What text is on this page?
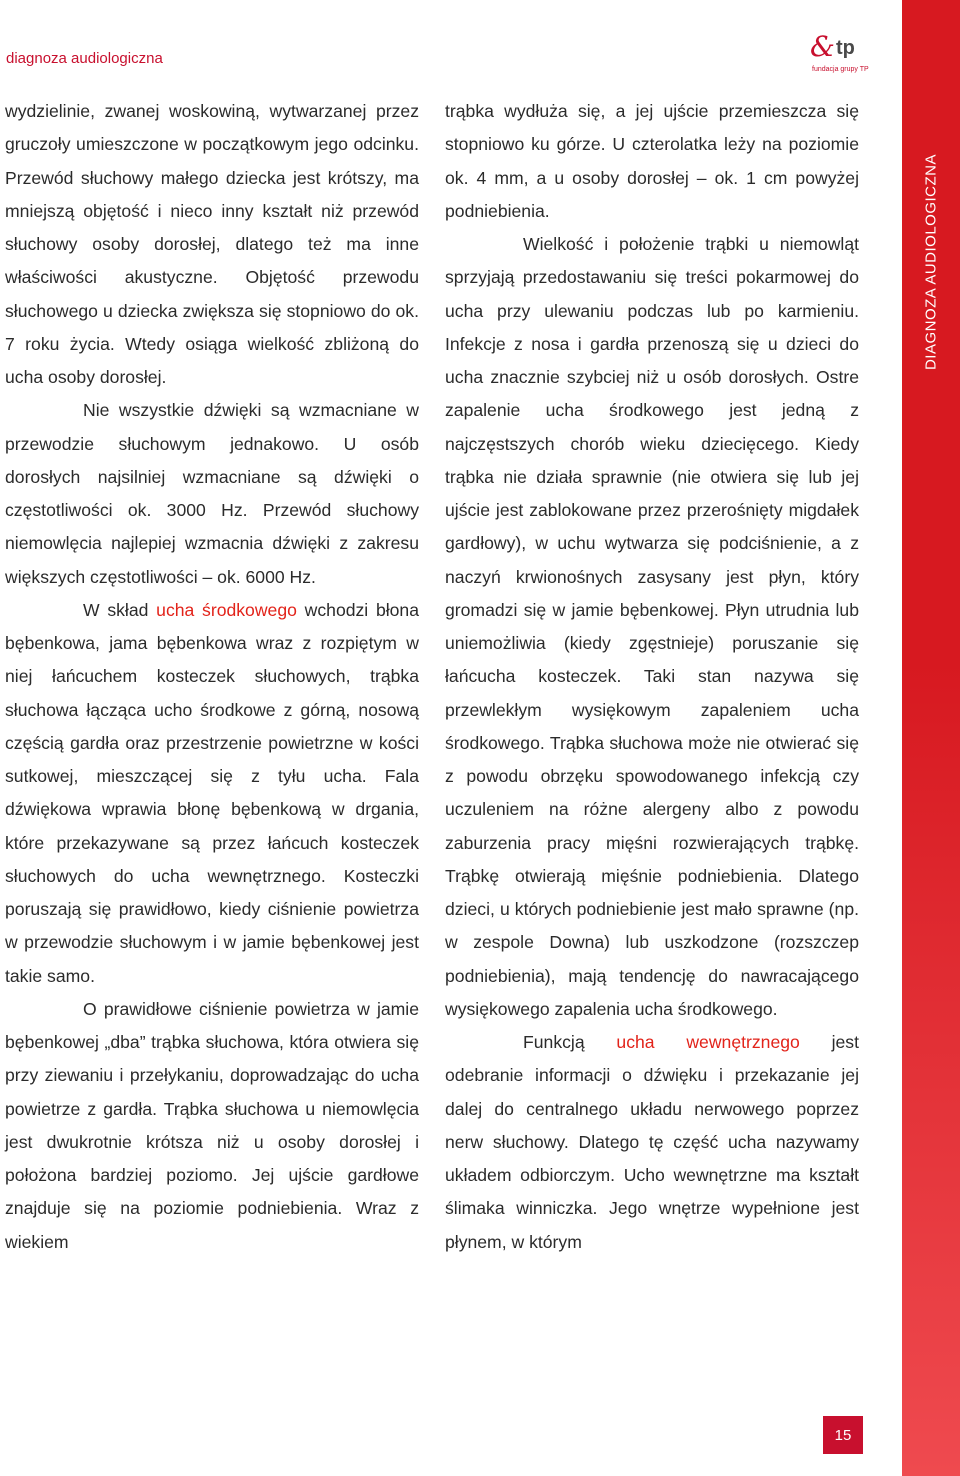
diagnoza audiologiczna	& tp
fundacja grupy TP
DIAGNOZA AUDIOLOGICZNA

wydzielinie, zwanej woskowiną, wytwarzanej przez gruczoły umieszczone w początkowym jego odcinku. Przewód słuchowy małego dziecka jest krótszy, ma mniejszą objętość i nieco inny kształt niż przewód słuchowy osoby dorosłej, dlatego też ma inne właściwości akustyczne. Objętość przewodu słuchowego u dziecka zwiększa się stopniowo do ok. 7 roku życia. Wtedy osiąga wielkość zbliżoną do ucha osoby dorosłej.

Nie wszystkie dźwięki są wzmacniane w przewodzie słuchowym jednakowo. U osób dorosłych najsilniej wzmacniane są dźwięki o częstotliwości ok. 3000 Hz. Przewód słuchowy niemowlęcia najlepiej wzmacnia dźwięki z zakresu większych częstotliwości – ok. 6000 Hz.

W skład ucha środkowego wchodzi błona bębenkowa, jama bębenkowa wraz z rozpiętym w niej łańcuchem kosteczek słuchowych, trąbka słuchowa łącząca ucho środkowe z górną, nosową częścią gardła oraz przestrzenie powietrzne w kości sutkowej, mieszczącej się z tyłu ucha. Fala dźwiękowa wprawia błonę bębenkową w drgania, które przekazywane są przez łańcuch kosteczek słuchowych do ucha wewnętrznego. Kosteczki poruszają się prawidłowo, kiedy ciśnienie powietrza w przewodzie słuchowym i w jamie bębenkowej jest takie samo.

O prawidłowe ciśnienie powietrza w jamie bębenkowej „dba” trąbka słuchowa, która otwiera się przy ziewaniu i przełykaniu, doprowadzając do ucha powietrze z gardła. Trąbka słuchowa u niemowlęcia jest dwukrotnie krótsza niż u osoby dorosłej i położona bardziej poziomo. Jej ujście gardłowe znajduje się na poziomie podniebienia. Wraz z wiekiem

trąbka wydłuża się, a jej ujście przemieszcza się stopniowo ku górze. U czterolatka leży na poziomie ok. 4 mm, a u osoby dorosłej – ok. 1 cm powyżej podniebienia.

Wielkość i położenie trąbki u niemowląt sprzyjają przedostawaniu się treści pokarmowej do ucha przy ulewaniu podczas lub po karmieniu. Infekcje z nosa i gardła przenoszą się u dzieci do ucha znacznie szybciej niż u osób dorosłych. Ostre zapalenie ucha środkowego jest jedną z najczęstszych chorób wieku dziecięcego. Kiedy trąbka nie działa sprawnie (nie otwiera się lub jej ujście jest zablokowane przez przerośnięty migdałek gardłowy), w uchu wytwarza się podciśnienie, a z naczyń krwionośnych zasysany jest płyn, który gromadzi się w jamie bębenkowej. Płyn utrudnia lub uniemożliwia (kiedy zgęstnieje) poruszanie się łańcucha kosteczek. Taki stan nazywa się przewlekłym wysiękowym zapaleniem ucha środkowego. Trąbka słuchowa może nie otwierać się z powodu obrzęku spowodowanego infekcją czy uczuleniem na różne alergeny albo z powodu zaburzenia pracy mięśni rozwierających trąbkę. Trąbkę otwierają mięśnie podniebienia. Dlatego dzieci, u których podniebienie jest mało sprawne (np. w zespole Downa) lub uszkodzone (rozszczep podniebienia), mają tendencję do nawracającego wysiękowego zapalenia ucha środkowego.

Funkcją ucha wewnętrznego jest odebranie informacji o dźwięku i przekazanie jej dalej do centralnego układu nerwowego poprzez nerw słuchowy. Dlatego tę część ucha nazywamy układem odbiorczym. Ucho wewnętrzne ma kształt ślimaka winniczka. Jego wnętrze wypełnione jest płynem, w którym

15
